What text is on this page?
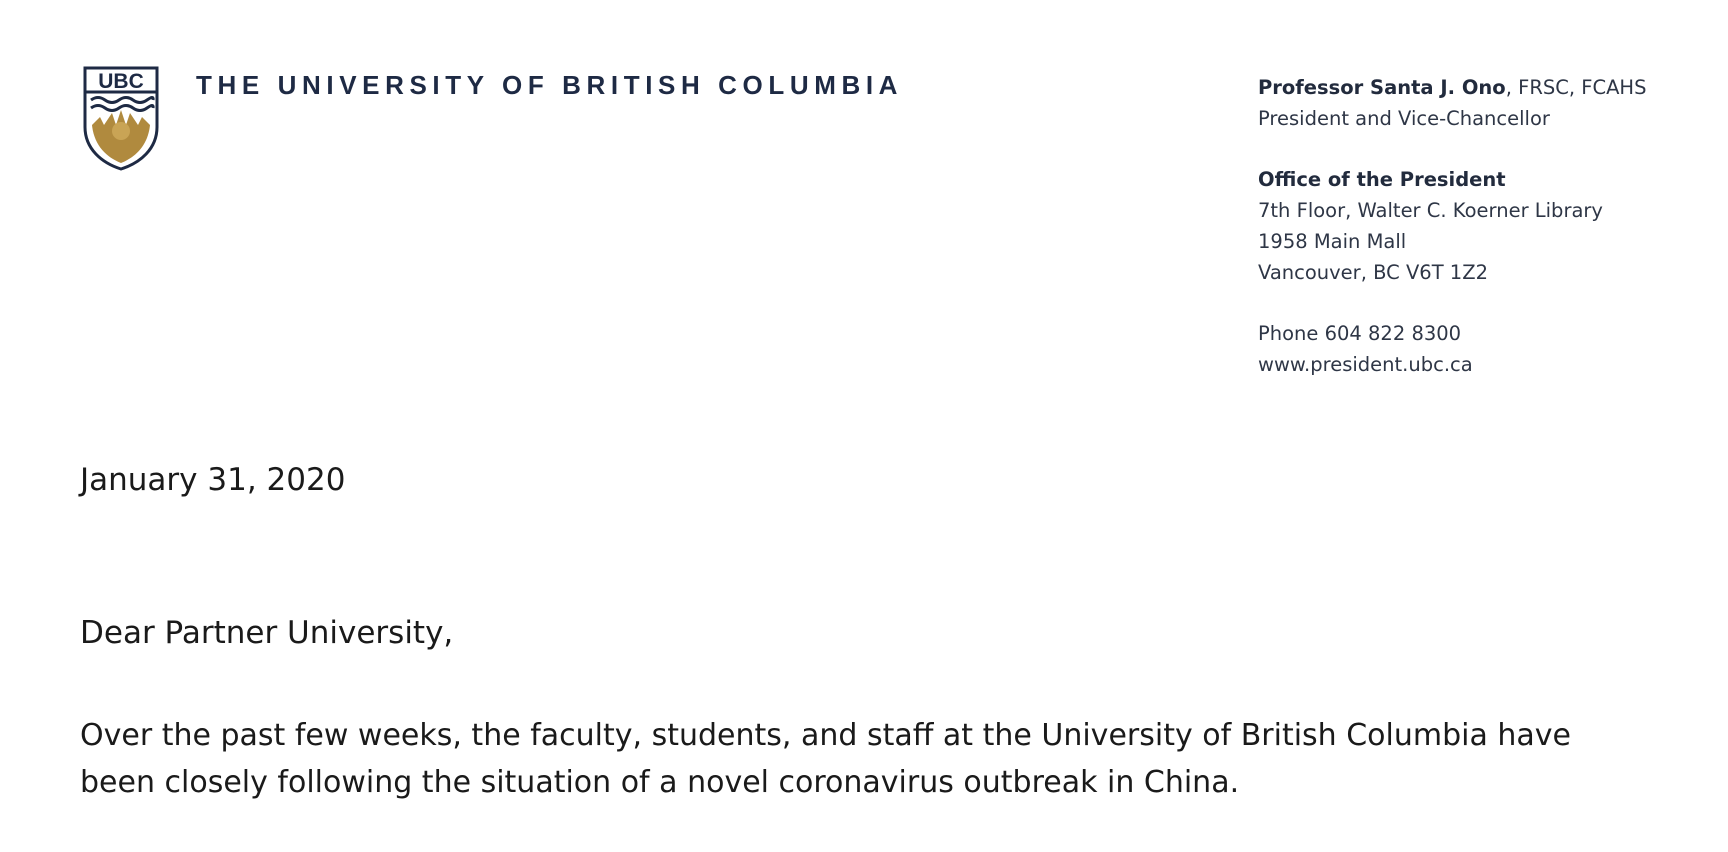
UBC THE UNIVERSITY OF BRITISH COLUMBIA	Professor Santa J. Ono, FRSC, FCAHS
President and Vice-Chancellor
Office of the President
7th Floor, Walter C. Koerner Library
1958 Main Mall
Vancouver, BC V6T 1Z2
Phone 604 822 8300
www.president.ubc.ca
January 31, 2020
Dear Partner University,
Over the past few weeks, the faculty, students, and staff at the University of British Columbia have
been closely following the situation of a novel coronavirus outbreak in China.
